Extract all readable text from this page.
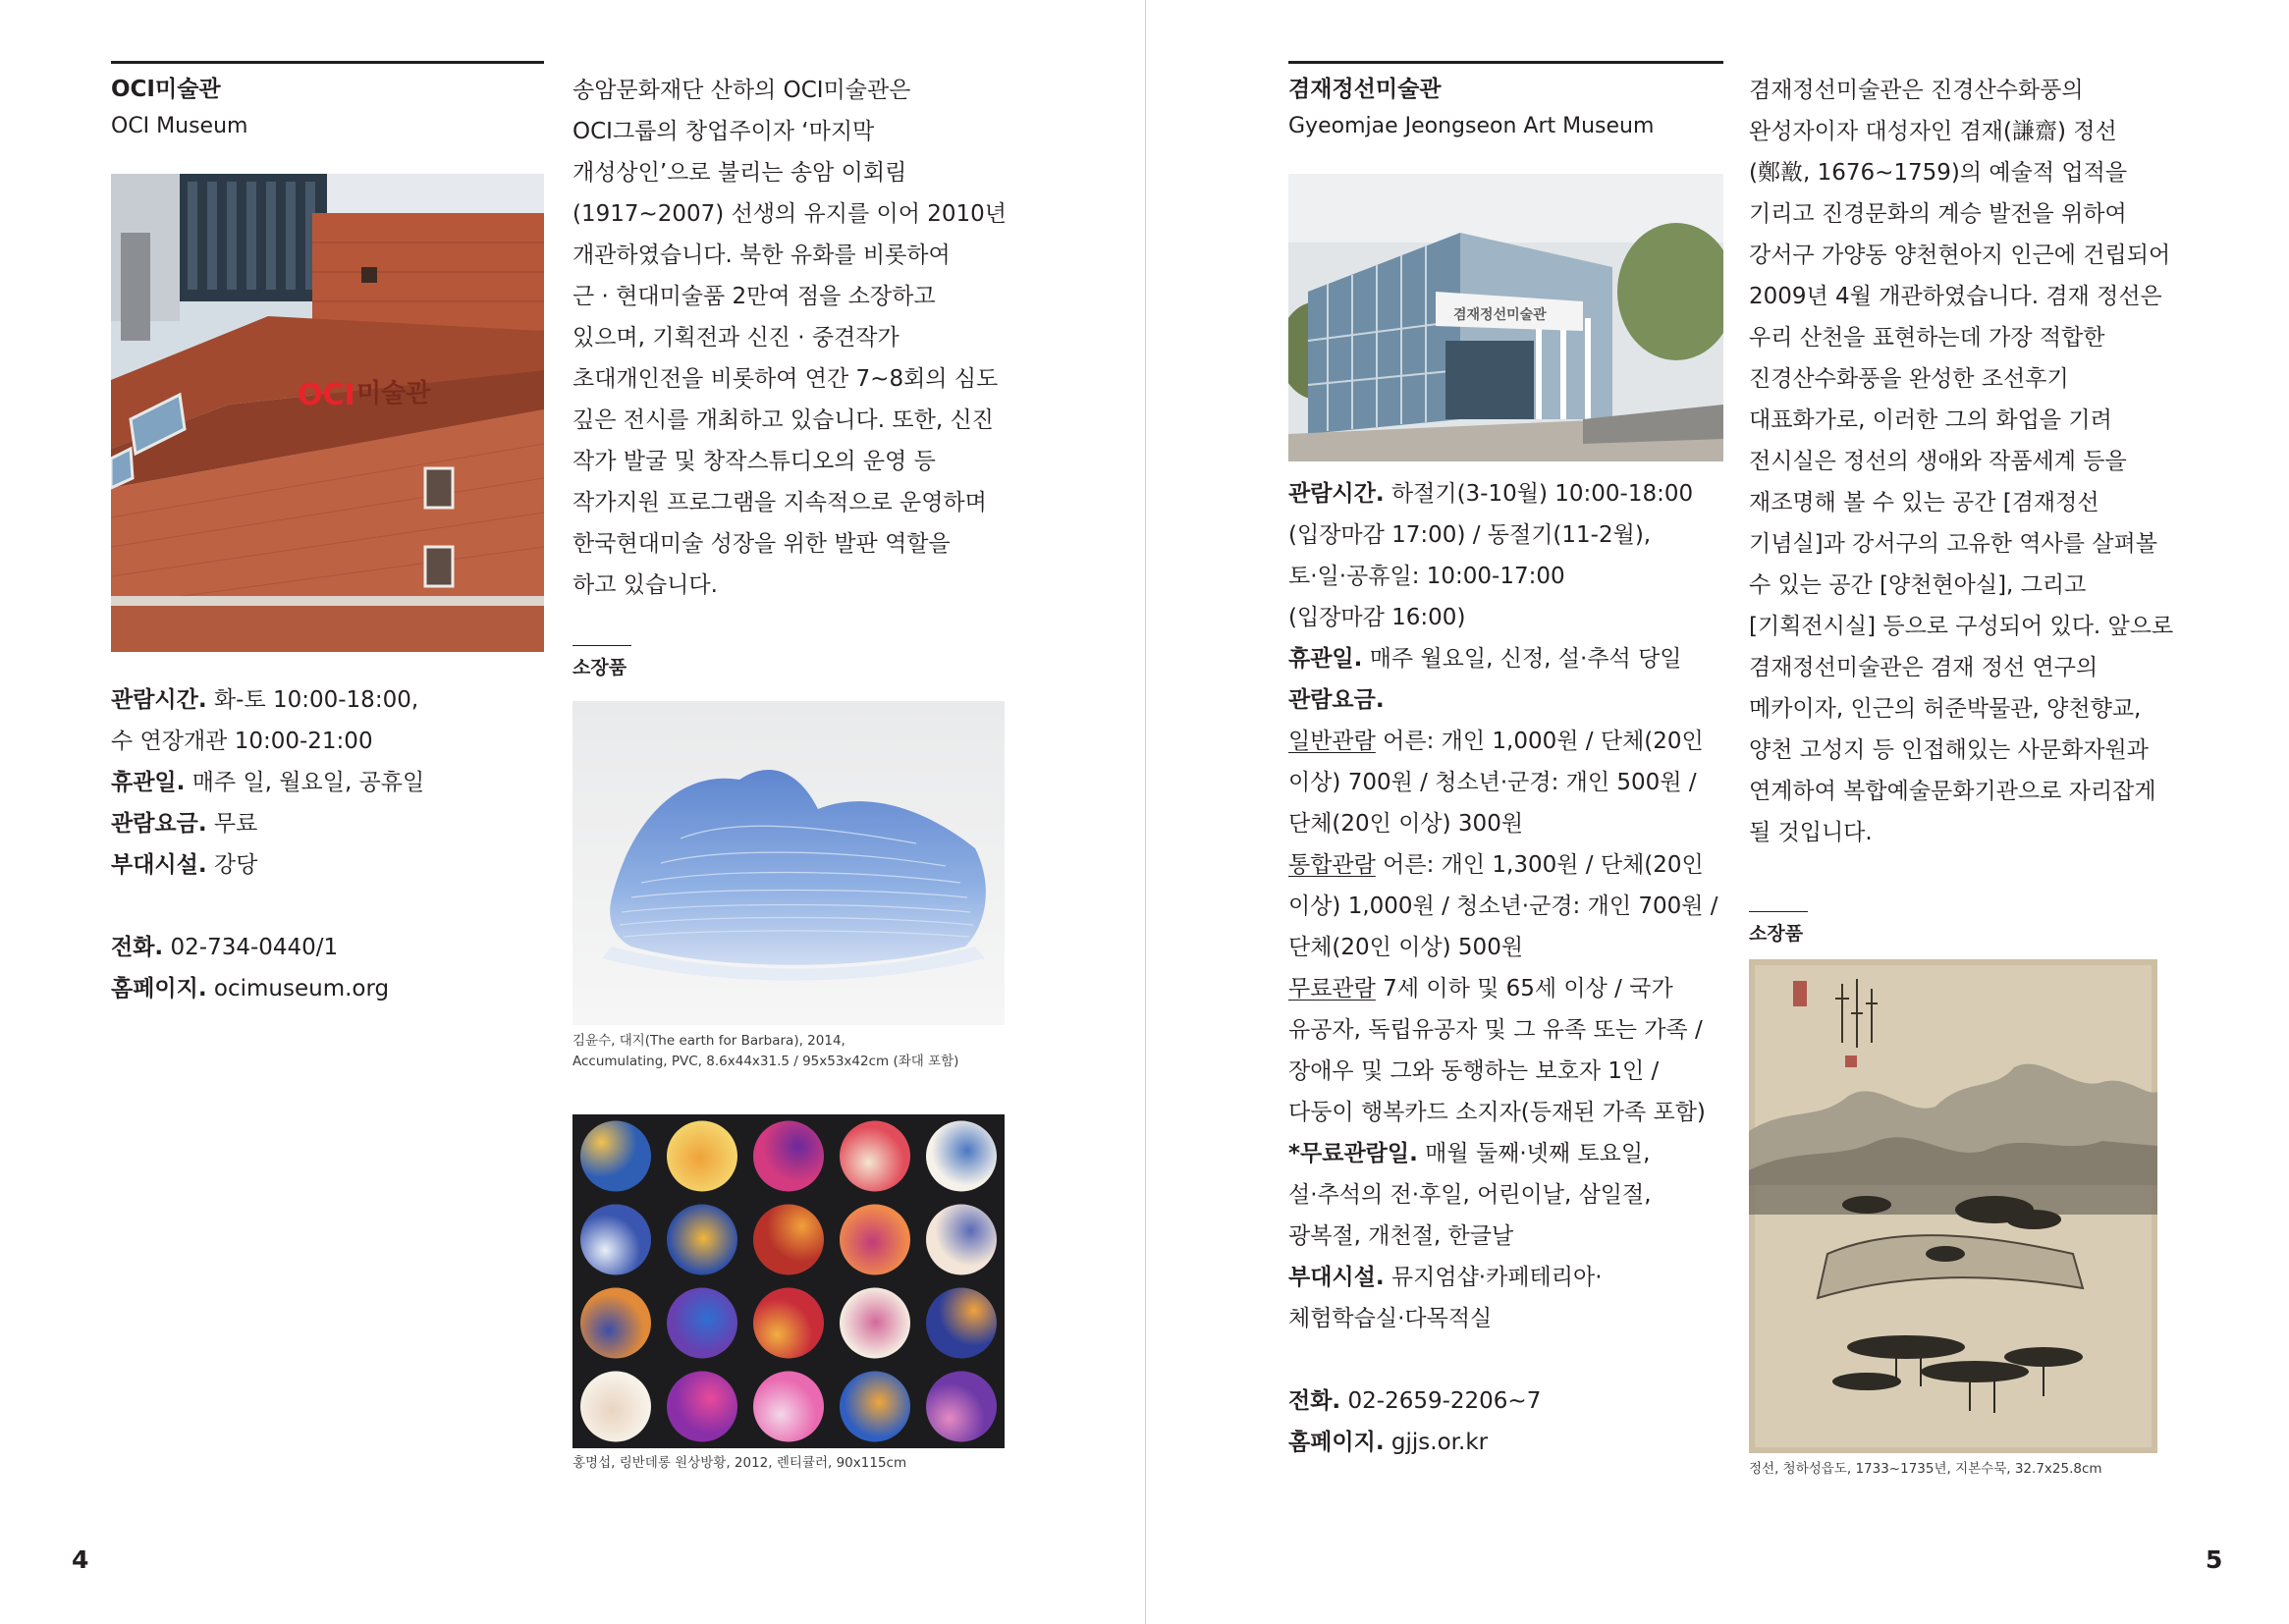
OCI미술관
OCI Museum
OCI 미술관
관람시간. 화-토 10:00-18:00,
수 연장개관 10:00-21:00
휴관일. 매주 일, 월요일, 공휴일
관람요금. 무료
부대시설. 강당
전화. 02-734-0440/1
홈페이지. ocimuseum.org
송암문화재단 산하의 OCI미술관은
OCI그룹의 창업주이자 ‘마지막
개성상인’으로 불리는 송암 이회림
(1917~2007) 선생의 유지를 이어 2010년
개관하였습니다. 북한 유화를 비롯하여
근 · 현대미술품 2만여 점을 소장하고
있으며, 기획전과 신진 · 중견작가
초대개인전을 비롯하여 연간 7~8회의 심도
깊은 전시를 개최하고 있습니다. 또한, 신진
작가 발굴 및 창작스튜디오의 운영 등
작가지원 프로그램을 지속적으로 운영하며
한국현대미술 성장을 위한 발판 역할을
하고 있습니다.
소장품
김윤수, 대지(The earth for Barbara), 2014,
Accumulating, PVC, 8.6x44x31.5 / 95x53x42cm (좌대 포함)
홍명섭, 링반데롱 원상방황, 2012, 렌티큘러, 90x115cm
4
겸재정선미술관
Gyeomjae Jeongseon Art Museum
겸재정선미술관
관람시간. 하절기(3-10월) 10:00-18:00
(입장마감 17:00) / 동절기(11-2월),
토·일·공휴일: 10:00-17:00
(입장마감 16:00)
휴관일. 매주 월요일, 신정, 설·추석 당일
관람요금.
일반관람 어른: 개인 1,000원 / 단체(20인
이상) 700원 / 청소년·군경: 개인 500원 /
단체(20인 이상) 300원
통합관람 어른: 개인 1,300원 / 단체(20인
이상) 1,000원 / 청소년·군경: 개인 700원 /
단체(20인 이상) 500원
무료관람 7세 이하 및 65세 이상 / 국가
유공자, 독립유공자 및 그 유족 또는 가족 /
장애우 및 그와 동행하는 보호자 1인 /
다둥이 행복카드 소지자(등재된 가족 포함)
*무료관람일. 매월 둘째·넷째 토요일,
설·추석의 전·후일, 어린이날, 삼일절,
광복절, 개천절, 한글날
부대시설. 뮤지엄샵·카페테리아·
체험학습실·다목적실
전화. 02-2659-2206~7
홈페이지. gjjs.or.kr
겸재정선미술관은 진경산수화풍의
완성자이자 대성자인 겸재(謙齋) 정선
(鄭敾, 1676~1759)의 예술적 업적을
기리고 진경문화의 계승 발전을 위하여
강서구 가양동 양천현아지 인근에 건립되어
2009년 4월 개관하였습니다. 겸재 정선은
우리 산천을 표현하는데 가장 적합한
진경산수화풍을 완성한 조선후기
대표화가로, 이러한 그의 화업을 기려
전시실은 정선의 생애와 작품세계 등을
재조명해 볼 수 있는 공간 [겸재정선
기념실]과 강서구의 고유한 역사를 살펴볼
수 있는 공간 [양천현아실], 그리고
[기획전시실] 등으로 구성되어 있다. 앞으로
겸재정선미술관은 겸재 정선 연구의
메카이자, 인근의 허준박물관, 양천향교,
양천 고성지 등 인접해있는 사문화자원과
연계하여 복합예술문화기관으로 자리잡게
될 것입니다.
소장품
정선, 청하성읍도, 1733~1735년, 지본수묵, 32.7x25.8cm
5
